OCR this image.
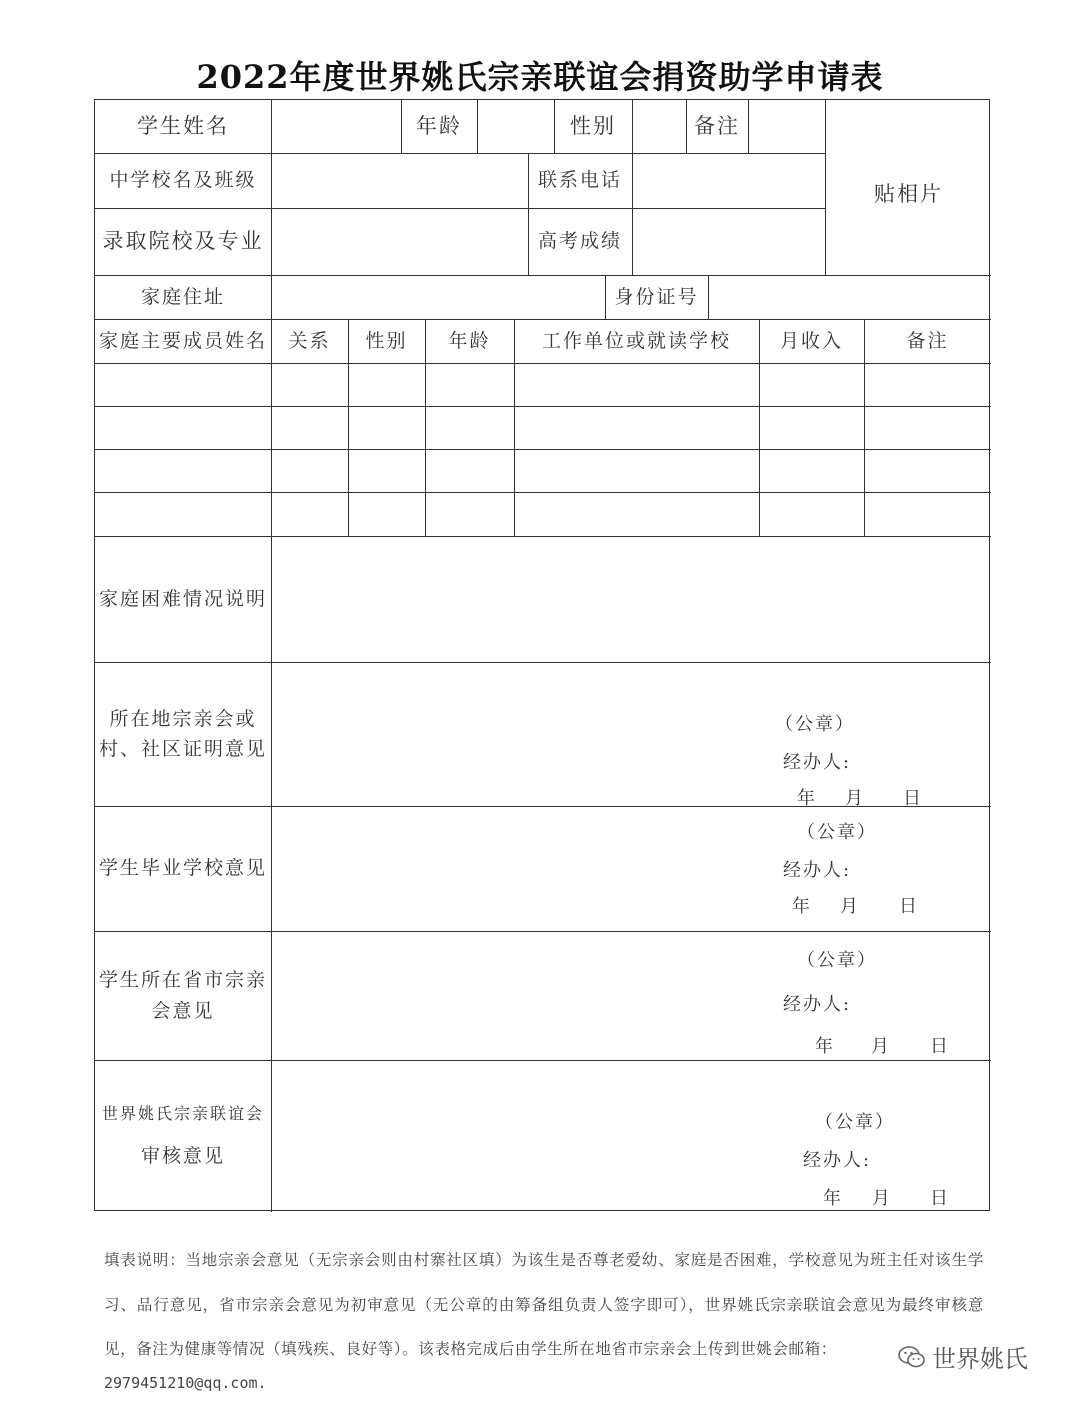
2022年度世界姚氏宗亲联谊会捐资助学申请表
学生姓名	年龄	性别	备注
贴相片
中学校名及班级	联系电话
录取院校及专业	高考成绩
家庭住址	身份证号
家庭主要成员姓名	关系	性别	年龄	工作单位或就读学校	月收入	备注
家庭困难情况说明
所在地宗亲会或村、社区证明意见
（公章）
经办人:
年 月 日
学生毕业学校意见
（公章）
经办人:
年 月 日
学生所在省市宗亲会意见
（公章）
经办人:
年 月 日
世界姚氏宗亲联谊会
审核意见
（公章）
经办人:
年 月 日
填表说明：当地宗亲会意见（无宗亲会则由村寨社区填）为该生是否尊老爱幼、家庭是否困难，学校意见为班主任对该生学习、品行意见，省市宗亲会意见为初审意见（无公章的由筹备组负责人签字即可），世界姚氏宗亲联谊会意见为最终审核意见，备注为健康等情况（填残疾、良好等）。该表格完成后由学生所在地省市宗亲会上传到世姚会邮箱：
2979451210@qq.com.
世界姚氏
